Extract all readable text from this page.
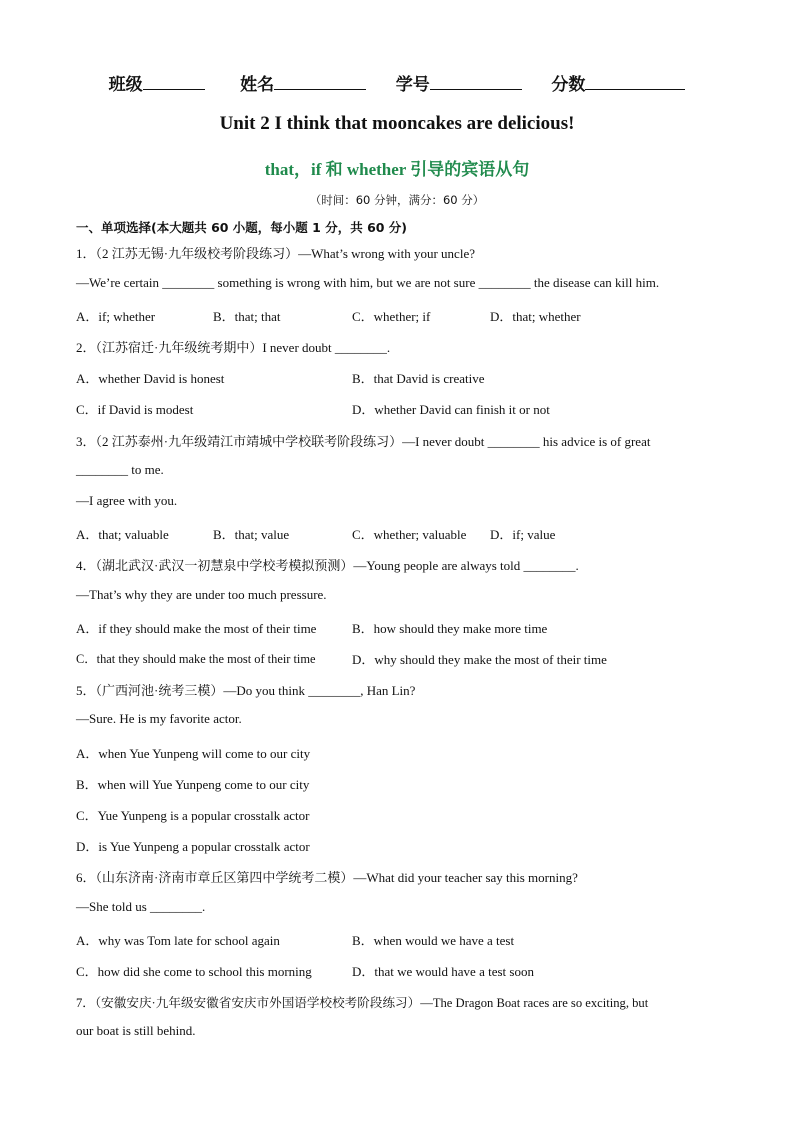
班级	姓名	学号	分数
Unit 2 I think that mooncakes are delicious!
that，if 和 whether 引导的宾语从句
（时间：60 分钟，满分：60 分）
一、单项选择(本大题共 60 小题，每小题 1 分，共 60 分)
1．（2 江苏无锡·九年级校考阶段练习）—What’s wrong with your uncle?
—We’re certain ________ something is wrong with him, but we are not sure ________ the disease can kill him.
A．if; whether	B．that; that	C．whether; if	D．that; whether
2．（江苏宿迁·九年级统考期中）I never doubt ________.
A．whether David is honest	B．that David is creative
C．if David is modest	D．whether David can finish it or not
3．（2 江苏泰州·九年级靖江市靖城中学校联考阶段练习）—I never doubt ________ his advice is of great
________ to me.
—I agree with you.
A．that; valuable	B．that; value	C．whether; valuable D．if; value
4．（湖北武汉·武汉一初慧泉中学校考模拟预测）—Young people are always told ________.
—That’s why they are under too much pressure.
A．if they should make the most of their time	B．how should they make more time
C．that they should make the most of their time	D．why should they make the most of their time
5．（广西河池·统考三模）—Do you think ________, Han Lin?
—Sure. He is my favorite actor.
A．when Yue Yunpeng will come to our city
B．when will Yue Yunpeng come to our city
C．Yue Yunpeng is a popular crosstalk actor
D．is Yue Yunpeng a popular crosstalk actor
6．（山东济南·济南市章丘区第四中学统考二模）—What did your teacher say this morning?
—She told us ________.
A．why was Tom late for school again	B．when would we have a test
C．how did she come to school this morning	D．that we would have a test soon
7．（安徽安庆·九年级安徽省安庆市外国语学校校考阶段练习）—The Dragon Boat races are so exciting, but
our boat is still behind.
